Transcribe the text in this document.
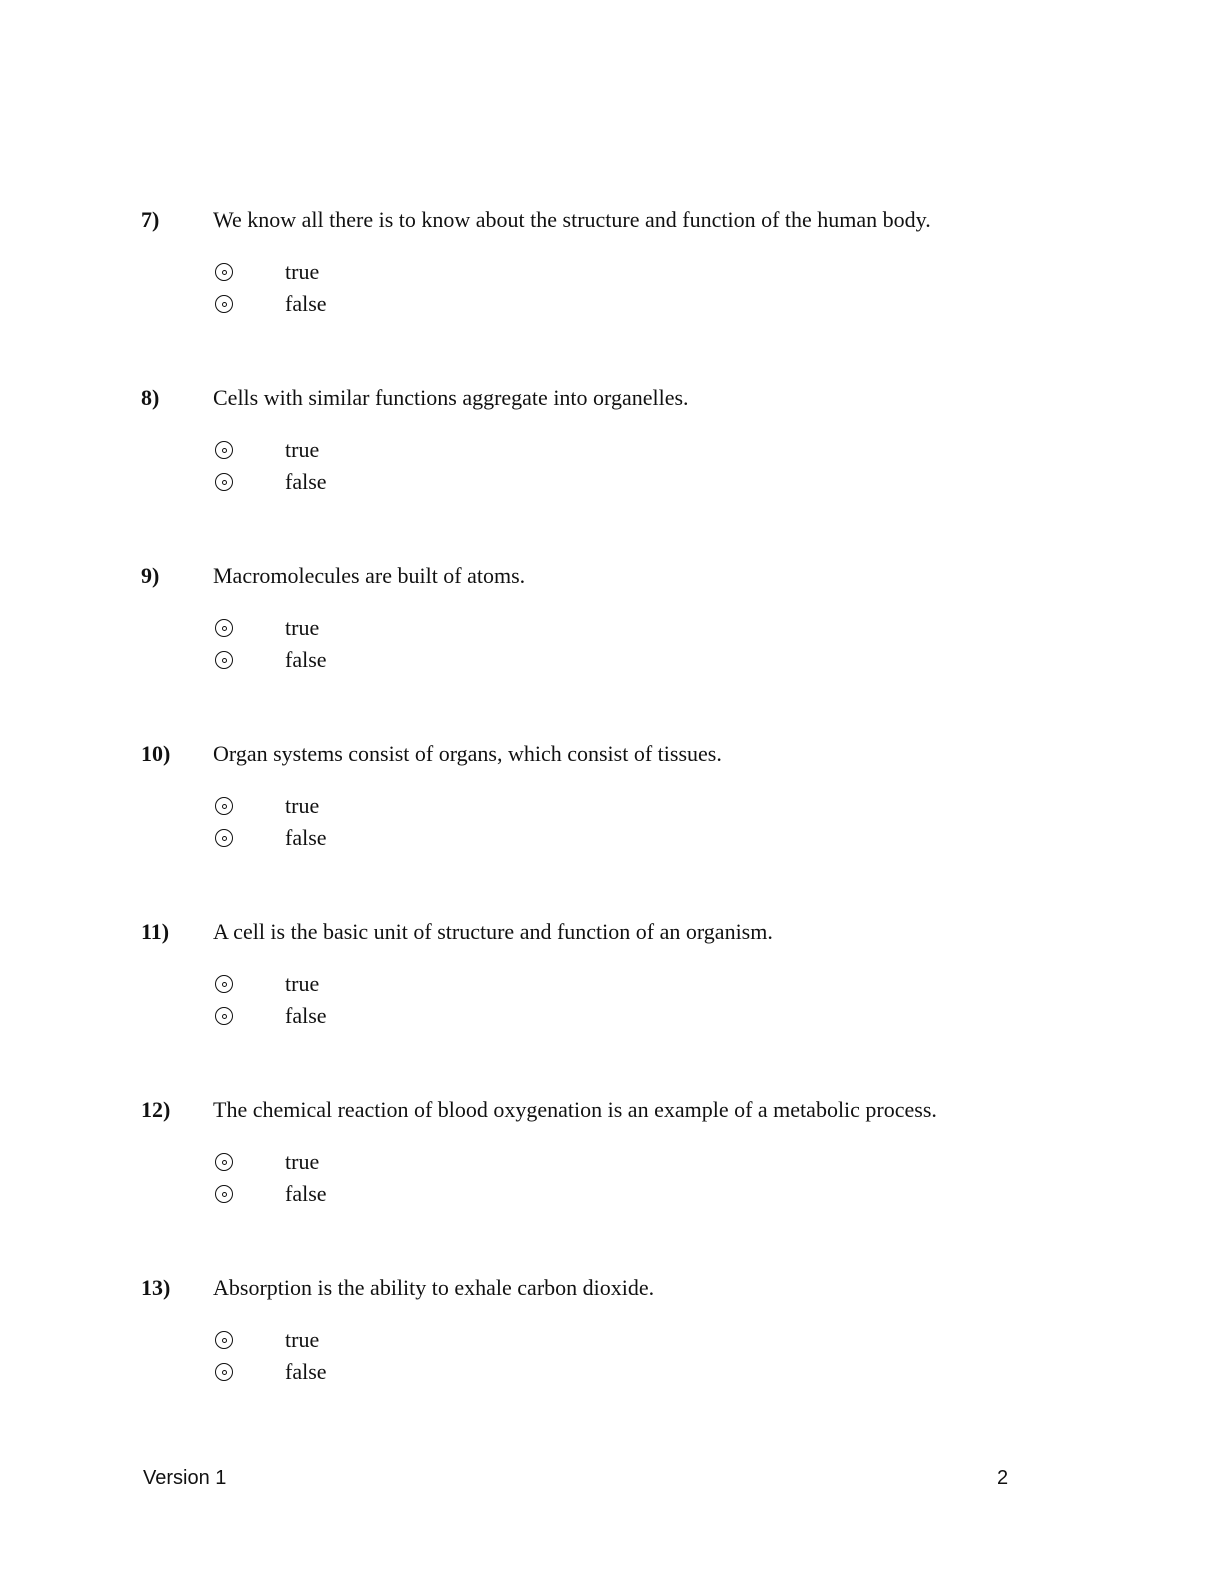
7) We know all there is to know about the structure and function of the human body.
true
false
8) Cells with similar functions aggregate into organelles.
true
false
9) Macromolecules are built of atoms.
true
false
10) Organ systems consist of organs, which consist of tissues.
true
false
11) A cell is the basic unit of structure and function of an organism.
true
false
12) The chemical reaction of blood oxygenation is an example of a metabolic process.
true
false
13) Absorption is the ability to exhale carbon dioxide.
true
false
Version 1	2
